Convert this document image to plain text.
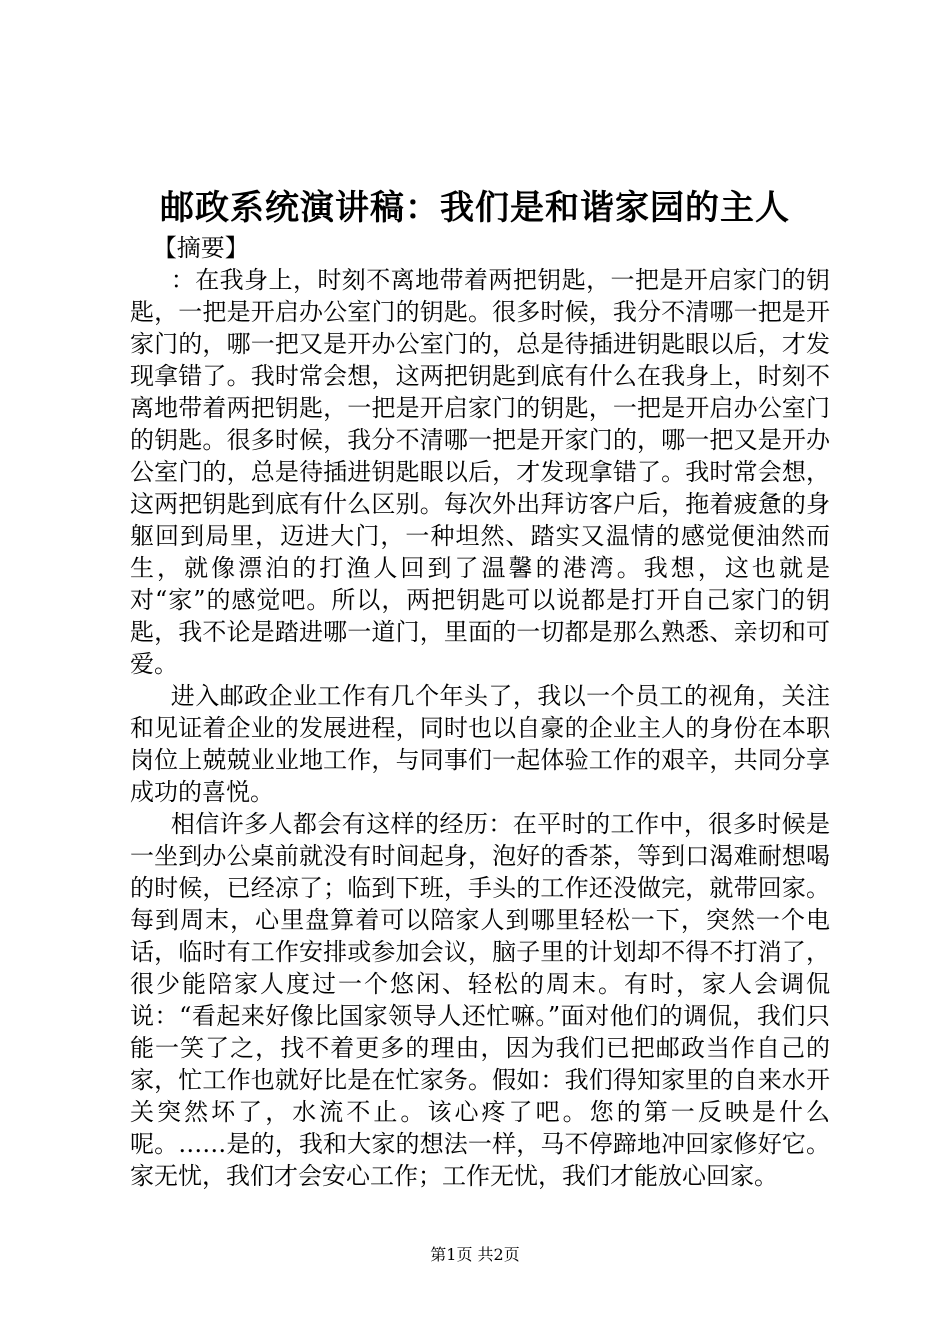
邮政系统演讲稿：我们是和谐家园的主人

【摘要】

：在我身上，时刻不离地带着两把钥匙，一把是开启家门的钥匙，一把是开启办公室门的钥匙。很多时候，我分不清哪一把是开家门的，哪一把又是开办公室门的，总是待插进钥匙眼以后，才发现拿错了。我时常会想，这两把钥匙到底有什么在我身上，时刻不离地带着两把钥匙，一把是开启家门的钥匙，一把是开启办公室门的钥匙。很多时候，我分不清哪一把是开家门的，哪一把又是开办公室门的，总是待插进钥匙眼以后，才发现拿错了。我时常会想，这两把钥匙到底有什么区别。每次外出拜访客户后，拖着疲惫的身躯回到局里，迈进大门，一种坦然、踏实又温情的感觉便油然而生，就像漂泊的打渔人回到了温馨的港湾。我想，这也就是对“家”的感觉吧。所以，两把钥匙可以说都是打开自己家门的钥匙，我不论是踏进哪一道门，里面的一切都是那么熟悉、亲切和可爱。

进入邮政企业工作有几个年头了，我以一个员工的视角，关注和见证着企业的发展进程，同时也以自豪的企业主人的身份在本职岗位上兢兢业业地工作，与同事们一起体验工作的艰辛，共同分享成功的喜悦。

相信许多人都会有这样的经历：在平时的工作中，很多时候是一坐到办公桌前就没有时间起身，泡好的香茶，等到口渴难耐想喝的时候，已经凉了；临到下班，手头的工作还没做完，就带回家。每到周末，心里盘算着可以陪家人到哪里轻松一下，突然一个电话，临时有工作安排或参加会议，脑子里的计划却不得不打消了，很少能陪家人度过一个悠闲、轻松的周末。有时，家人会调侃说：“看起来好像比国家领导人还忙嘛。”面对他们的调侃，我们只能一笑了之，找不着更多的理由，因为我们已把邮政当作自己的家，忙工作也就好比是在忙家务。假如：我们得知家里的自来水开关突然坏了，水流不止。该心疼了吧。您的第一反映是什么呢。……是的，我和大家的想法一样，马不停蹄地冲回家修好它。家无忧，我们才会安心工作；工作无忧，我们才能放心回家。

第1页 共2页
